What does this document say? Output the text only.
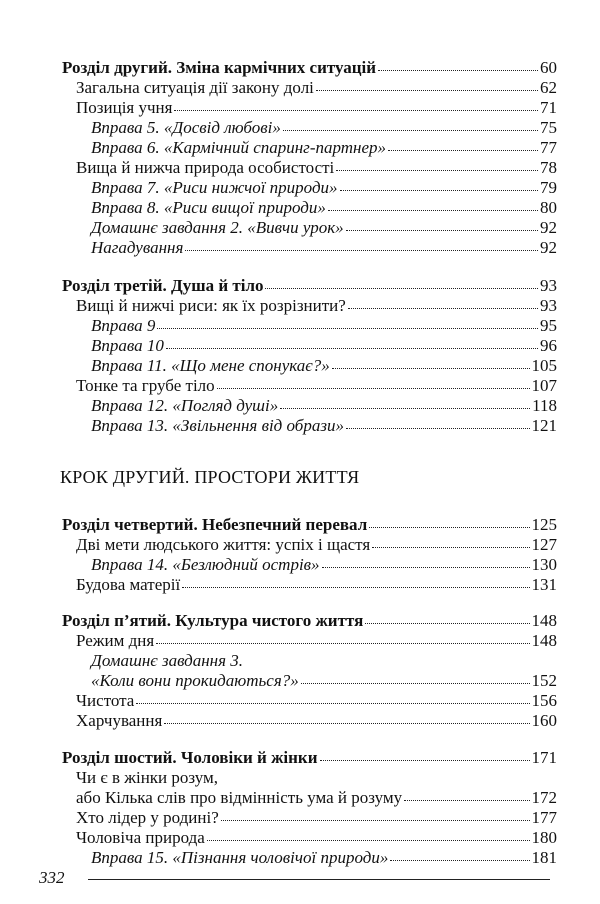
Розділ другий. Зміна кармічних ситуацій	60
Загальна ситуація дії закону долі	62
Позиція учня	71
Вправа 5. «Досвід любові»	75
Вправа 6. «Кармічний спаринг-партнер»	77
Вища й нижча природа особистості	78
Вправа 7. «Риси нижчої природи»	79
Вправа 8. «Риси вищої природи»	80
Домашнє завдання 2. «Вивчи урок»	92
Нагадування	92
Розділ третій. Душа й тіло	93
Вищі й нижчі риси: як їх розрізнити?	93
Вправа 9	95
Вправа 10	96
Вправа 11. «Що мене спонукає?»	105
Тонке та грубе тіло	107
Вправа 12. «Погляд душі»	118
Вправа 13. «Звільнення від образи»	121
КРОК ДРУГИЙ. ПРОСТОРИ ЖИТТЯ
Розділ четвертий. Небезпечний перевал	125
Дві мети людського життя: успіх і щастя	127
Вправа 14. «Безлюдний острів»	130
Будова матерії	131
Розділ п’ятий. Культура чистого життя	148
Режим дня	148
Домашнє завдання 3.
«Коли вони прокидаються?»	152
Чистота	156
Харчування	160
Розділ шостий. Чоловіки й жінки	171
Чи є в жінки розум,
або Кілька слів про відмінність ума й розуму	172
Хто лідер у родині?	177
Чоловіча природа	180
Вправа 15. «Пізнання чоловічої природи»	181
332
